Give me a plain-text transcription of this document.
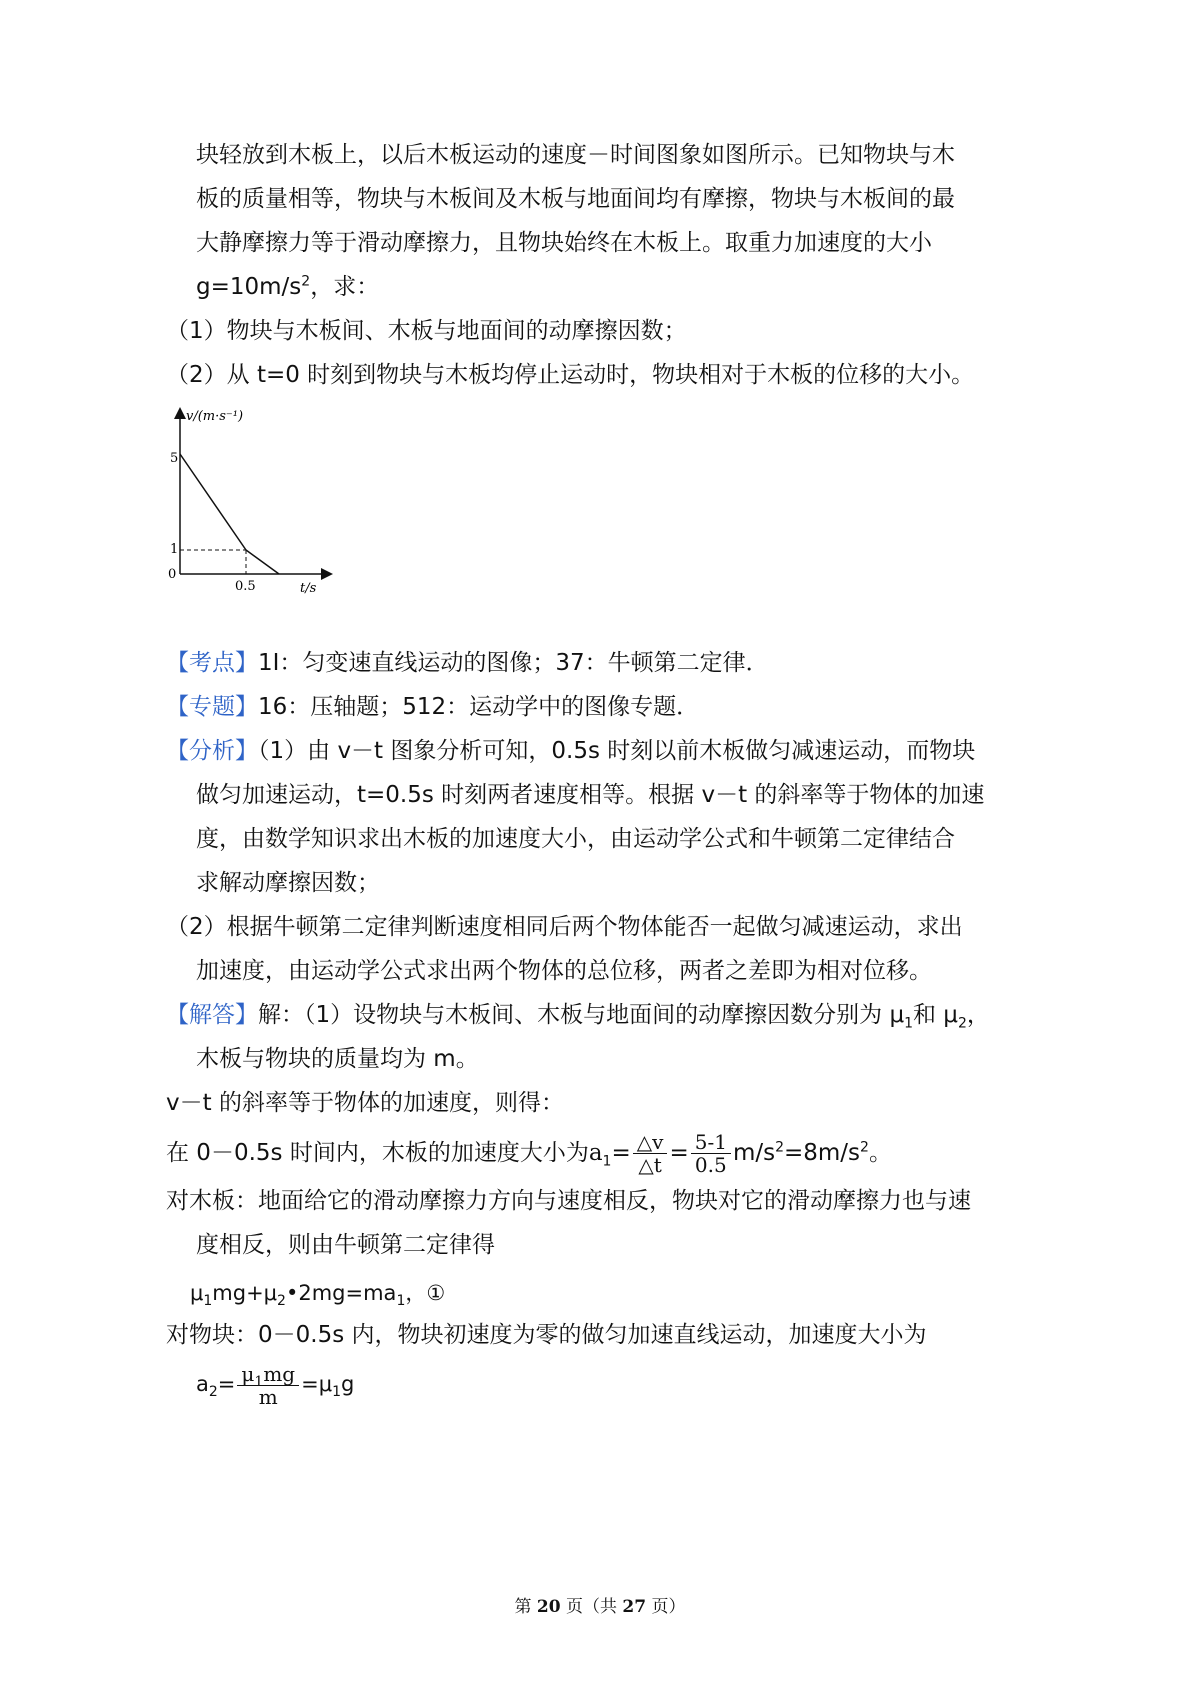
块轻放到木板上，以后木板运动的速度－时间图象如图所示。已知物块与木
板的质量相等，物块与木板间及木板与地面间均有摩擦，物块与木板间的最
大静摩擦力等于滑动摩擦力，且物块始终在木板上。取重力加速度的大小
$g=10m/s^2$，求：
（1）物块与木板间、木板与地面间的动摩擦因数；
（2）从 t=0 时刻到物块与木板均停止运动时，物块相对于木板的位移的大小。
v/(m·s⁻¹)
t/s
5
1
0
0.5
【考点】1I：匀变速直线运动的图像；37：牛顿第二定律．
【专题】16：压轴题；512：运动学中的图像专题．
【分析】（1）由 v－t 图象分析可知，0.5s 时刻以前木板做匀减速运动，而物块
做匀加速运动，t=0.5s 时刻两者速度相等。根据 v－t 的斜率等于物体的加速
度，由数学知识求出木板的加速度大小，由运动学公式和牛顿第二定律结合
求解动摩擦因数；
（2）根据牛顿第二定律判断速度相同后两个物体能否一起做匀减速运动，求出
加速度，由运动学公式求出两个物体的总位移，两者之差即为相对位移。
【解答】解：（1）设物块与木板间、木板与地面间的动摩擦因数分别为 $\mu_1$和 $\mu_2$，
木板与物块的质量均为 m。
v－t 的斜率等于物体的加速度，则得：
在 0－0.5s 时间内，木板的加速度大小为$a_1= \frac{\triangle v}{\triangle t} = \frac{5-1}{0.5} m/s^2=8m/s^2$。
对木板：地面给它的滑动摩擦力方向与速度相反，物块对它的滑动摩擦力也与速
度相反，则由牛顿第二定律得
$\mu_1mg+\mu_2•2mg=ma_1$，①
对物块：0－0.5s 内，物块初速度为零的做匀加速直线运动，加速度大小为
$a_2= \frac{\mu_1mg}{m} =\mu_1g$
第 20 页（共 27 页）
